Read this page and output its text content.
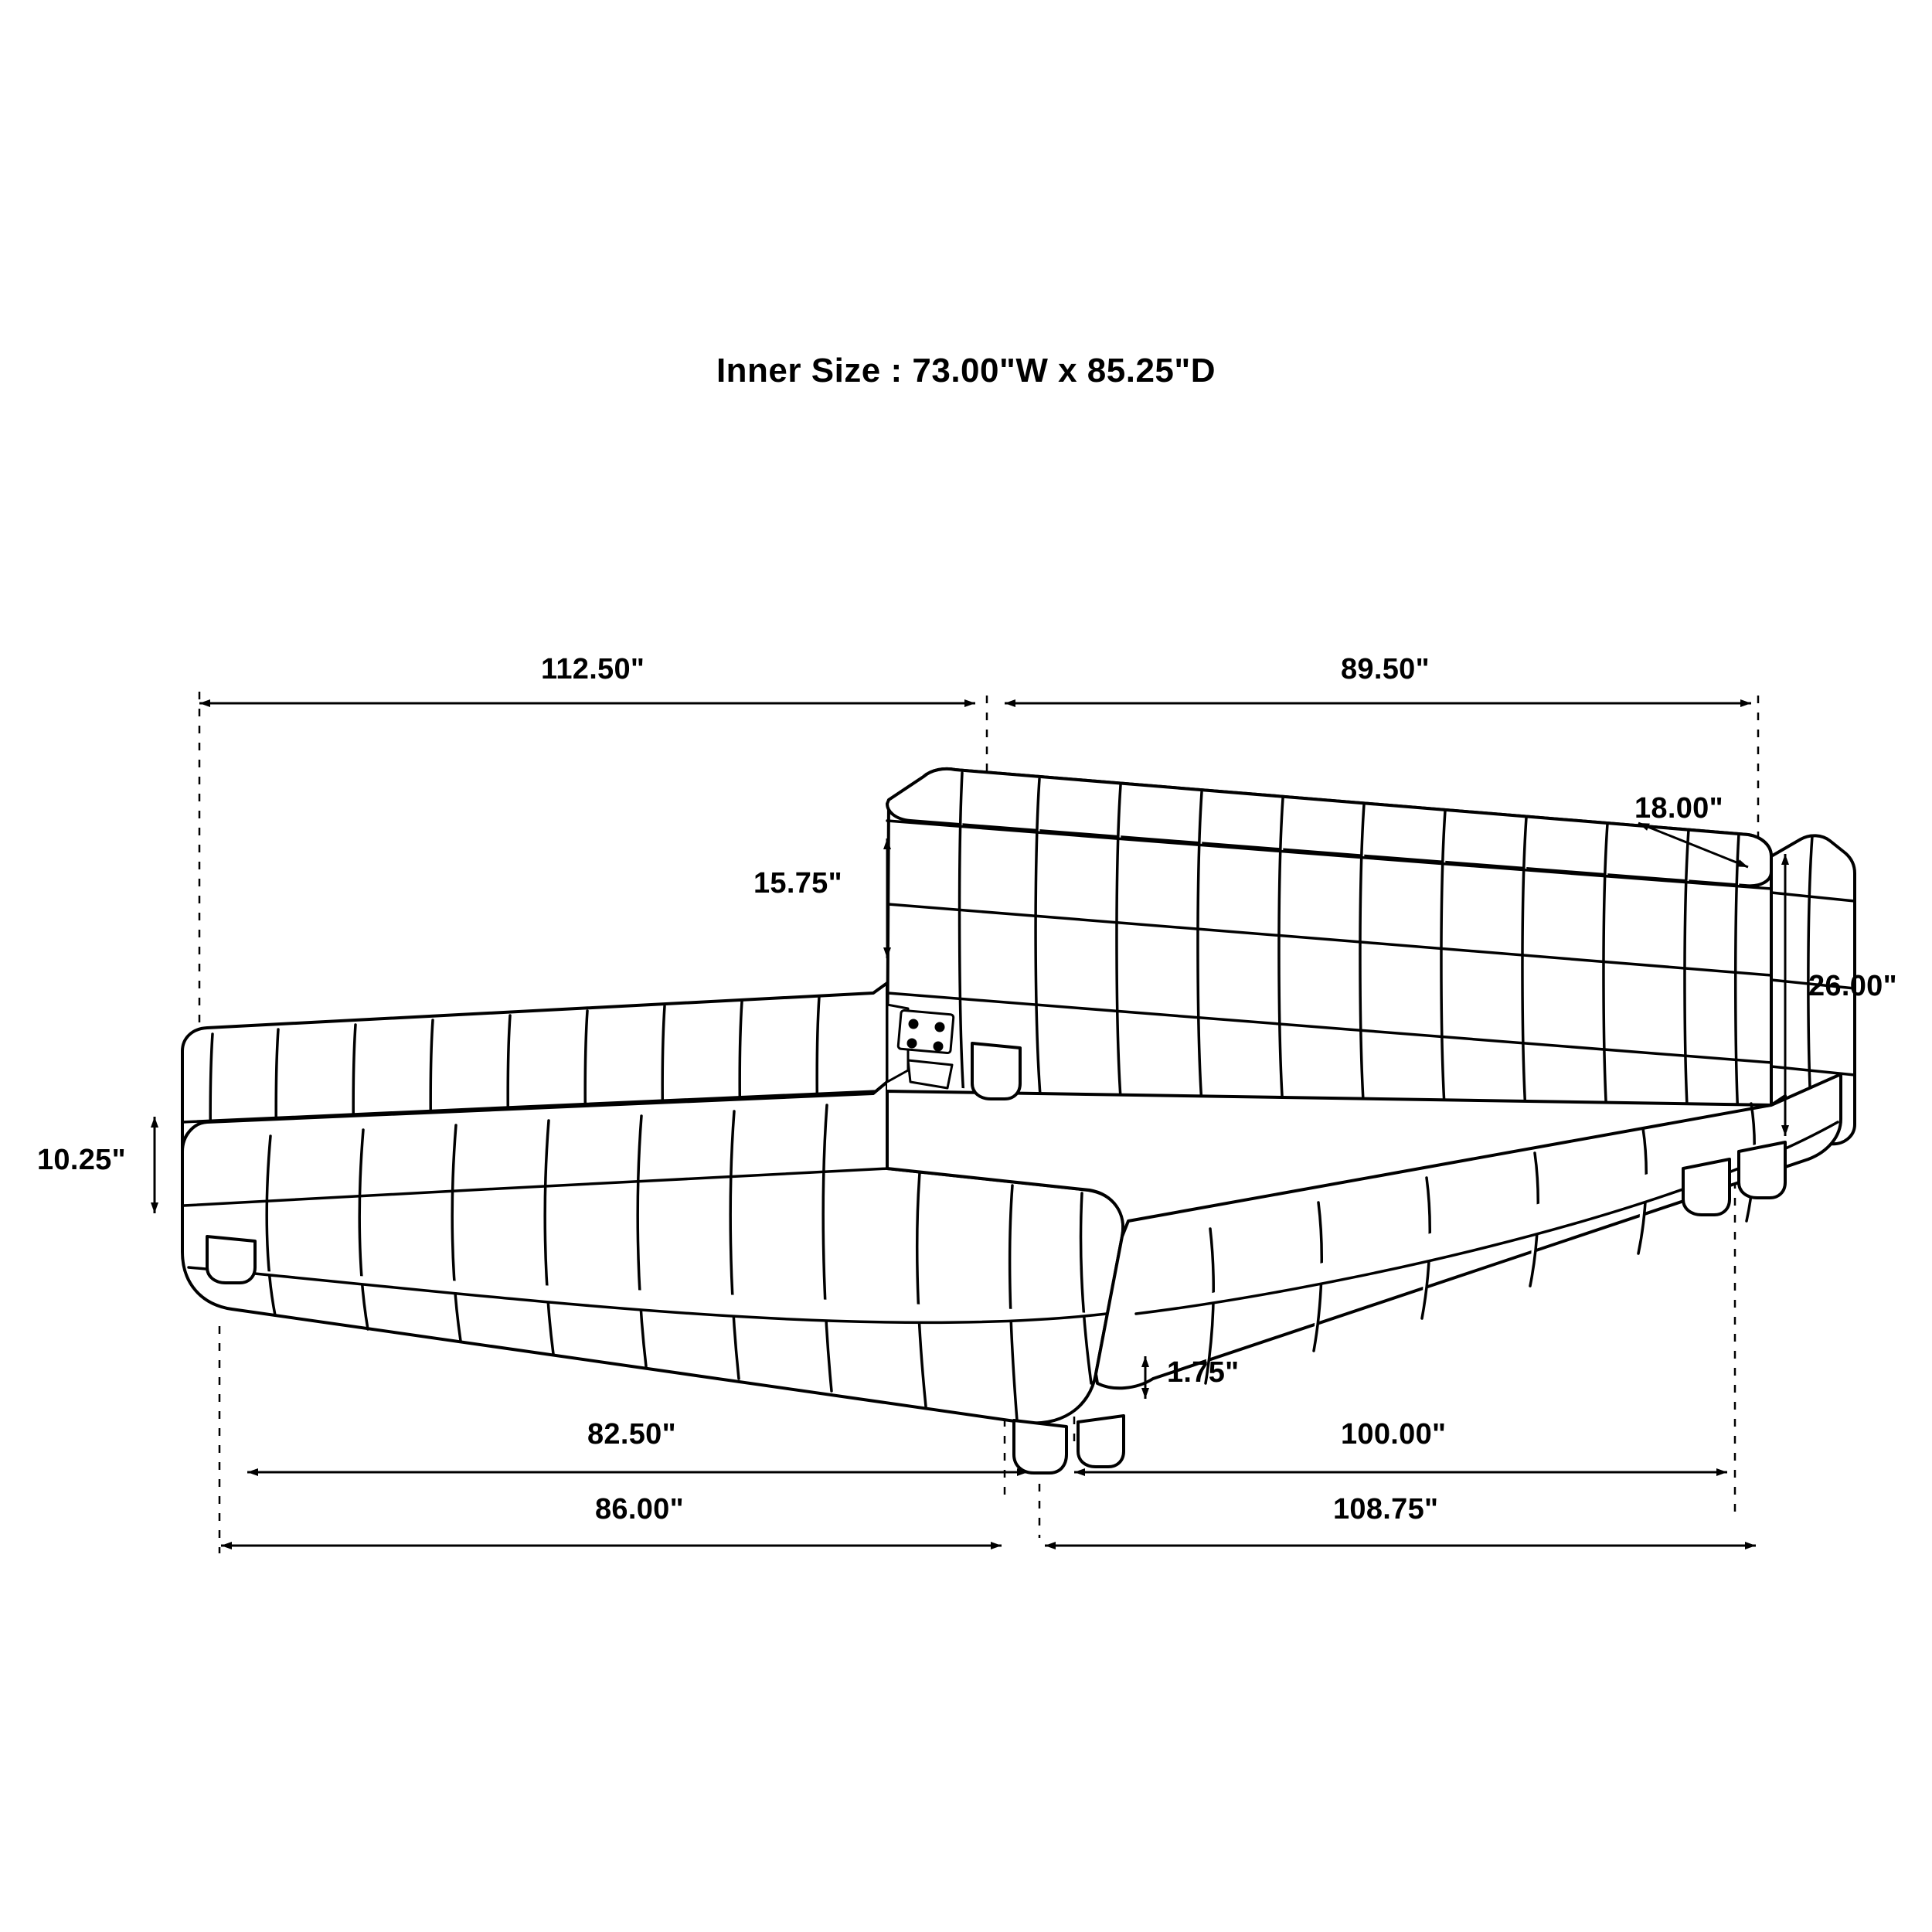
Inner Size : 73.00"W x 85.25"D
112.50"	89.50"
15.75"
18.00"
26.00"
10.25"
1.75"
82.50"	100.00"
86.00"	108.75"
